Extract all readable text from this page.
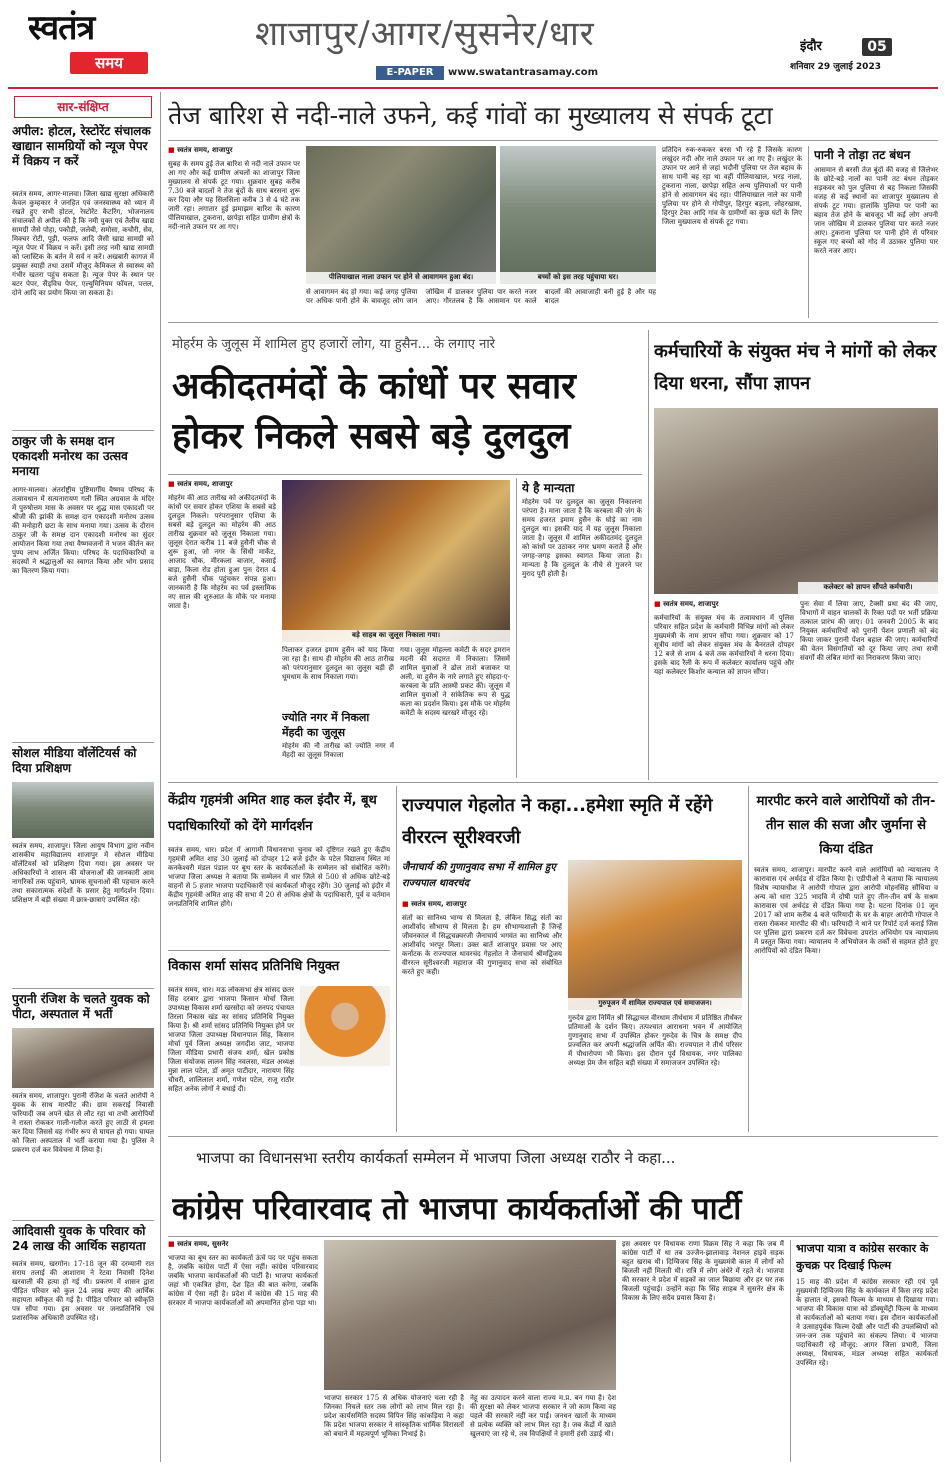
स्वतंत्र
समय
शाजापुर/आगर/सुसनेर/धार	इंदौर	05
शनिवार 29 जुलाई 2023
E-PAPER	www.swatantrasamay.com
सार-संक्षिप्त
अपील: होटल, रेस्टोरेंट संचालक खाद्यान सामग्रियों को न्यूज पेपर में विक्रय न करें
स्वतंत्र समय, आगर-मालवा। जिला खाद्य सुरक्षा अधिकारी केवल कुम्हकार ने जनहित एवं जनस्वास्थ्य को ध्यान में रखते हुए सभी होटल, रेस्टोरेंट कैटरिंग, भोजनालय संचालकों से अपील की है कि नमी युक्त एवं तैलीय खाद्य सामग्री जैसे पोहा, पकौड़ी, जलेबी, समोसा, कचौरी, सेव, मिक्चर रोटी, पूड़ी, फलफ आदि जैसी खाद्य सामग्री को न्यूज पेपर में विक्रय न करें। इसी तरह नमी खाद्य सामग्री को प्लास्टिक के बर्तन में सर्व न करें। अखबारी कागज में प्रयुक्त स्याही तथा उसमें मौजूद केमिकल से स्वास्थ्य को गंभीर खतरा पहुंच सकता है। न्यूज पेपर के स्थान पर बटर पेपर, सैंड्विच पेपर, एल्युमिनियम फॉयल, पत्तल, दोने आदि का प्रयोग किया जा सकता है।
ठाकुर जी के समक्ष दान एकादशी मनोरथ का उत्सव मनाया
आगर-मालवा। अंतर्राष्ट्रीय पुष्टिमार्गीय वैष्णव परिषद के तत्वावधान में सत्यनारायण गली स्थित अग्रवाल के मंदिर में पुरुषोत्तम मास के अवसर पर शुद्ध मास एकादशी पर श्रीजी की झांकी के समक्ष दान एकादशी मनोरथ उत्सव की मनोहारी छटा के साथ मनाया गया। उत्सव के दौरान ठाकुर जी के समक्ष दान एकादशी मनोरथ का सुंदर आयोजन किया गया तथा वैष्णवजनों ने भजन कीर्तन कर पुण्य लाभ अर्जित किया। परिषद के पदाधिकारियों व सदस्यों ने श्रद्धालुओं का स्वागत किया और भोग प्रसाद का वितरण किया गया।
सोशल मीडिया वॉलेंटियर्स को दिया प्रशिक्षण
स्वतंत्र समय, शाजापुर। जिला आयुष विभाग द्वारा नवीन शासकीय महाविद्यालय शाजापुर में सोशल मीडिया वॉलेंटियर्स को प्रशिक्षण दिया गया। इस अवसर पर अधिकारियों ने शासन की योजनाओं की जानकारी आम नागरिकों तक पहुंचाने, भ्रामक सूचनाओं की पहचान करने तथा सकारात्मक संदेशों के प्रसार हेतु मार्गदर्शन दिया। प्रशिक्षण में बड़ी संख्या में छात्र-छात्राएं उपस्थित रहे।
पुरानी रंजिश के चलते युवक को पीटा, अस्पताल में भर्ती
स्वतंत्र समय, शाजापुर। पुरानी रंजिश के चलते आरोपी ने युवक के साथ मारपीट की। ग्राम सकराई निवासी फरियादी जब अपने खेत से लौट रहा था तभी आरोपियों ने रास्ता रोककर गाली-गलौज करते हुए लाठी से हमला कर दिया जिससे वह गंभीर रूप से घायल हो गया। घायल को जिला अस्पताल में भर्ती कराया गया है। पुलिस ने प्रकरण दर्ज कर विवेचना में लिया है।
आदिवासी युवक के परिवार को 24 लाख की आर्थिक सहायता
स्वतंत्र समय, खरगोन। 17-18 जून की दरम्यानी रात सराय तलाई की आशाराम ने रेटवा निवासी दिनेश खरवाली की हत्या हो गई थी। प्रकरण में शासन द्वारा पीड़ित परिवार को कुल 24 लाख रुपए की आर्थिक सहायता स्वीकृत की गई है। पीड़ित परिवार को स्वीकृति पत्र सौंपा गया। इस अवसर पर जनप्रतिनिधि एवं प्रशासनिक अधिकारी उपस्थित रहे।
तेज बारिश से नदी-नाले उफने, कई गांवों का मुख्यालय से संपर्क टूटा
■ स्वतंत्र समय, शाजापुर
सुबह के समय हुई तेज बारिश से नदी नाले उफान पर आ गए और कई ग्रामीण अंचलों का शाजापुर जिला मुख्यालय से संपर्क टूट गया। शुक्रवार सुबह करीब 7.30 बजे बादलों ने तेज बूंदों के साथ बरसना शुरू कर दिया और यह सिलसिला करीब 3 से 4 घंटे तक जारी रहा। लगातार हुई झमाझम बारिश के कारण पीलियाखाल, टुकराना, छापेड़ा सहित ग्रामीण क्षेत्रों के नदी-नाले उफान पर आ गए।
पीलियाखाल नाला उफान पर होने से आवागमन हुआ बंद।	बच्चों को इस तरह पहुंचाया घर।
से आवागमन बंद हो गया। कई जगह पुलिया पर अधिक पानी होने के बावजूद लोग जान जोखिम में डालकर पुलिया पार करते नजर आए। गौरतलब है कि आसमान पर काले बादलों की आवाजाही बनी हुई है और यह बादल
प्रतिदिन रुक-रुककर बरस भी रहे हैं जिसके कारण लखुंदर नदी और नाले उफान पर आ गए हैं। लखुंदर के उफान पर आने से जहां भदौनी पुलिया पर तेज बहाव के साथ पानी बह रहा था वहीं पीलियाखाल, भरड़ नाला, टुकराना नाला, छापेड़ा सहित अन्य पुलियाओं पर पानी होने से आवागमन बंद रहा। पीलियाखाल नाले का पानी पुलिया पर होने से गोपीपुर, हिरपुर बड़ला, लोहरखास, हिरपुर टेका आदि गांव के ग्रामीणों का कुछ घंटों के लिए जिला मुख्यालय से संपर्क टूट गया।
पानी ने तोड़ा तट बंधन
आसमान से बरसी तेज बूंदों की वजह से जिलेभर के छोटे-बड़े नालों का पानी तट बंधन तोड़कर सड़कवर को पुल पुलिया से बह निकला जिसकी वजह से कई स्थानों का शाजापुर मुख्यालय से संपर्क टूट गया। हालांकि पुलिया पर पानी का बहाव तेज होने के बावजूद भी कई लोग अपनी जान जोखिम में डालकर पुलिया पार करते नजर आए। टुकराना पुलिया पर पानी होने से परिवार स्कूल गए बच्चों को गोद में उठाकर पुलिया पार करते नजर आए।
मोहर्रम के जुलूस में शामिल हुए हजारों लोग, या हुसैन... के लगाए नारे
अकीदतमंदों के कांधों पर सवार होकर निकले सबसे बड़े दुलदुल
■ स्वतंत्र समय, शाजापुर
मोहर्रम की आठ तारीख को अकीदतमंदों के कांधों पर सवार होकर एशिया के सबसे बड़े दुलदुल निकले। परंपरानुसार एशिया के सबसे बड़े दुलदुल का मोहर्रम की आठ तारीख शुक्रवार को जुलूस निकाला गया। जुलूस देरात करीब 11 बजे हुसैनी चौक से शुरू हुआ, जो नगर के सिंधी मार्केट, आजाद चौक, मीरकला बाजार, कसाई बाड़ा, किला रोड होता हुआ पुनः देरात 4 बजे हुसैनी चौक पहुंचकर संपन्न हुआ। जानकारी है कि मोहर्रम का पर्व इस्लामिक नए साल की शुरुआत के मौके पर मनाया जाता है।
बड़े साहब का जुलूस निकाला गया।
पिलाकर हजरत इमाम हुसैन को याद किया जा रहा है। साथ ही मोहर्रम की आठ तारीख को परंपरानुसार दुलदुल का जुलूस बड़ी ही धूमधाम के साथ निकाला गया।
ज्योति नगर में निकला मेंहदी का जुलूस
मोहर्रम की नौ तारीख को ज्योति नगर में मेंहदी का जुलूस निकाला
गया। जुलूस मोहल्ला कमेटी के सदर इमरान मदनी की सदारत में निकाला। जिसमें शामिल युवाओं ने ढोल ताशे बजाकर या अली, या हुसैन के नारे लगाते हुए सोहदा-ए-करबला के प्रति आस्थी प्रकट की। जुलूस में शामिल युवाओं ने सांकेतिक रूप से युद्ध कला का प्रदर्शन किया। इस मौके पर मोहर्रम कमेटी के सदस्य खरखरे मौजूद रहे।
ये है मान्यता
मोहर्रम पर्व पर दुलदुल का जुलूस निकालना परंपरा है। माना जाता है कि करबला की जंग के समय हजरत इमाम हुसैन के घोड़े का नाम दुलदुल था। इसकी याद में यह जुलूस निकाला जाता है। जुलूस में शामिल अकीदतमंद दुलदुल को कांधों पर उठाकर नगर भ्रमण कराते हैं और जगह-जगह इसका स्वागत किया जाता है। मान्यता है कि दुलदुल के नीचे से गुजरने पर मुराद पूरी होती है।
कर्मचारियों के संयुक्त मंच ने मांगों को लेकर दिया धरना, सौंपा ज्ञापन
कलेक्टर को ज्ञापन सौंपते कर्मचारी।
■ स्वतंत्र समय, शाजापुर
कर्मचारियों के संयुक्त मंच के तत्वावधान में पुलिस परिवार सहित प्रदेश के कर्मचारी विभिन्न मांगों को लेकर मुख्यमंत्री के नाम ज्ञापन सौंपा गया। शुक्रवार को 17 सूत्रीय मांगों को लेकर संयुक्त मंच के बैनरतले दोपहर 12 बजे से शाम 4 बजे तक कर्मचारियों ने धरना दिया। इसके बाद रैली के रूप में कलेक्टर कार्यालय पहुंचे और यहां कलेक्टर किशोर कन्याल को ज्ञापन सौंपा।
पुनः सेवा में लिया जाए, टैक्सी प्रथा बंद की जाए, विभागों में वाहन चालकों के रिक्त पदों पर भर्ती प्रक्रिया तत्काल प्रारंभ की जाए। 01 जनवरी 2005 के बाद नियुक्त कर्मचारियों को पुरानी पेंशन प्रणाली को बंद किया जाकर पुरानी पेंशन बहाल की जाए। कर्मचारियों की वेतन विसंगतियों को दूर किया जाए तथा सभी संवर्गों की लंबित मांगों का निराकरण किया जाए।
केंद्रीय गृहमंत्री अमित शाह कल इंदौर में, बूथ पदाधिकारियों को देंगे मार्गदर्शन
स्वतंत्र समय, धार। प्रदेश में आगामी विधानसभा चुनाव को दृष्टिगत रखते हुए केंद्रीय गृहमंत्री अमित शाह 30 जुलाई को दोपहर 12 बजे इंदौर के पटेल विद्यालय स्थित मां कनकेश्वरी मंडल पंडाल पर बूथ स्तर के कार्यकर्ताओं के सम्मेलन को संबोधित करेंगे। भाजपा जिला अध्यक्ष ने बताया कि सम्मेलन में धार जिले से 500 से अधिक छोटे-बड़े वाहनों से 5 हजार भाजपा पदाधिकारी एवं कार्यकर्ता मौजूद रहेंगे। 30 जुलाई को इंदौर में केंद्रीय गृहमंत्री अमित शाह की सभा में 20 से अधिक क्षेत्रों के पदाधिकारी, पूर्व व वर्तमान जनप्रतिनिधि शामिल होंगे।
विकास शर्मा सांसद प्रतिनिधि नियुक्त
स्वतंत्र समय, धार। मऊ लोकसभा क्षेत्र सांसद छतर सिंह दरबार द्वारा भाजपा किसान मोर्चा जिला उपाध्यक्ष विकास शर्मा खरसोदा को जनपद पंचायत तिरला निकास खंड का सांसद प्रतिनिधि नियुक्त किया है। श्री शर्मा सांसद प्रतिनिधि नियुक्त होने पर भाजपा जिला उपाध्यक्ष विधानपाल सिंह, किसान मोर्चा पूर्व जिला अध्यक्ष जगदीश जाट, भाजपा जिला मीडिया प्रभारी संजय शर्मा, खेल प्रकोष्ठ जिला संयोजक लालन सिंह नवलसा, मंडल अध्यक्ष मुन्ना लाल पटेल, डॉ अमृत पाटीदार, नारायण सिंह चौधरी, शालिलाल शर्मा, गणेश पटेल, राजू राठौर सहित अनेक लोगों ने बधाई दी।
राज्यपाल गेहलोत ने कहा...हमेशा स्मृति में रहेंगे वीररत्न सूरीश्वरजी
जैनाचार्य की गुणानुवाद सभा में शामिल हुए राज्यपाल थावरचंद
■ स्वतंत्र समय, शाजापुर
संतों का सानिध्य भाग्य से मिलता है, लेकिन सिद्ध संतों का आशीर्वाद सौभाग्य से मिलता है। हम सौभाग्यशाली हैं जिन्हें जीवनकाल में सिद्धचक्र्वरजी जैनाचार्य भगवंत का सानिध्य और आशीर्वाद भरपूर मिला। उक्त बातें शाजापुर प्रवास पर आए कर्नाटक के राज्यपाल थावरचंद गेहलोत ने जैनाचार्य श्रीमद्विजय वीररत्न सूरीश्वरजी महाराज की गुणानुवाद सभा को संबोधित करते हुए कही।
गुरुपूजन में शामिल राज्यपाल एवं समाजजन।
गुरुदेव द्वारा निर्मित श्री सिद्धाचल वीरधाम तीर्थधाम में प्रतिष्ठित तीर्थंकर प्रतिमाओं के दर्शन किए। तत्पश्चात आराधना भवन में आयोजित गुणानुवाद सभा में उपस्थित होकर गुरुदेव के चित्र के समक्ष दीप प्रज्वलित कर अपनी श्रद्धांजलि अर्पित की। राज्यपाल ने तीर्थ परिसर में पौधारोपण भी किया। इस दौरान पूर्व विधायक, नगर पालिका अध्यक्ष प्रेम जैन सहित बड़ी संख्या में समाजजन उपस्थित रहे।
मारपीट करने वाले आरोपियों को तीन-तीन साल की सजा और जुर्माना से किया दंडित
स्वतंत्र समय, शाजापुर। मारपीट करने वाले आरोपियों को न्यायालय ने कारावास एवं अर्थदंड से दंडित किया है। एडीपीओ ने बताया कि न्यायालय विशेष न्यायाधीश ने आरोपी गोपाल द्वारा आरोपी मोहनसिंह सौंधिया व अन्य को धारा 325 भादवि में दोषी पाते हुए तीन-तीन वर्ष के सश्रम कारावास एवं अर्थदंड से दंडित किया गया है। घटना दिनांक 01 जून 2017 को शाम करीब 4 बजे फरियादी के घर के बाहर आरोपी गोपाल ने रास्ता रोककर मारपीट की थी। फरियादी ने थाने पर रिपोर्ट दर्ज कराई जिस पर पुलिस द्वारा प्रकरण दर्ज कर विवेचना उपरांत अभियोग पत्र न्यायालय में प्रस्तुत किया गया। न्यायालय ने अभियोजन के तर्कों से सहमत होते हुए आरोपियों को दंडित किया।
भाजपा का विधानसभा स्तरीय कार्यकर्ता सम्मेलन में भाजपा जिला अध्यक्ष राठौर ने कहा...
कांग्रेस परिवारवाद तो भाजपा कार्यकर्ताओं की पार्टी
■ स्वतंत्र समय, सुसनेर
भाजपा का बूथ स्तर का कार्यकर्ता ऊंचे पद पर पहुंच सकता है, जबकि कांग्रेस पार्टी में ऐसा नहीं। कांग्रेस परिवारवाद जबकि भाजपा कार्यकर्ताओं की पार्टी है। भाजपा कार्यकर्ता जहां भी एकत्रित होगा, देश हित की बात करेगा, जबकि कांग्रेस में ऐसा नहीं है। प्रदेश में कांग्रेस की 15 माह की सरकार में भाजपा कार्यकर्ताओं को अपमानित होना पड़ा था।
भाजपा सरकार 175 से अधिक योजनाएं चला रही है जिनका निचले स्तर तक लोगों को लाभ मिल रहा है। प्रदेश कार्यसमिति सदस्य विपिन सिंह कांकड़िया ने कहा कि प्रदेश भाजपा सरकार ने सांस्कृतिक धार्मिक विरासतों को बचाने में महत्वपूर्ण भूमिका निभाई है।
नेहू का उत्पादन करने वाला राज्य म.प्र. बन गया है। देश की सुरक्षा को लेकर भाजपा सरकार ने जो काम किया वह पहले की सरकारें नहीं कर पाईं। जनधन खातों के माध्यम से प्रत्येक व्यक्ति को लाभ मिल रहा है। जब केंद्रों में खाते खुलवाएं जा रहे थे, तब विपक्षियों ने हमारी हंसी उड़ाई थी।
इस अवसर पर विधायक राणा विक्रम सिंह ने कहा कि जब मैं कांग्रेस पार्टी में था तब उज्जैन-झालावाड़ नेशनल हाइवे सड़क बहुत खराब थी। दिग्विजय सिंह के मुख्यमंत्री काल में लोगों को बिजली नहीं मिलती थी। रात्रि में लोग अंधेरे में रहते थे। भाजपा की सरकार ने प्रदेश में सड़कों का जाल बिछाया और हर घर तक बिजली पहुंचाई। उन्होंने कहा कि सिंह साहब ने सुसनेर क्षेत्र के विकास के लिए सदैव प्रयास किया है।
भाजपा यात्रा व कांग्रेस सरकार के कुचक्र पर दिखाई फिल्म
15 माह की प्रदेश में कांग्रेस सरकार रही एवं पूर्व मुख्यमंत्री दिग्विजय सिंह के कार्यकाल में किस तरह प्रदेश के हालात थे, इसको फिल्म के माध्यम से दिखाया गया। भाजपा की विकास यात्रा को डॉक्यूमेंट्री फिल्म के माध्यम से कार्यकर्ताओं को बताया गया। इस दौरान कार्यकर्ताओं ने उत्साहपूर्वक फिल्म देखी और पार्टी की उपलब्धियों को जन-जन तक पहुंचाने का संकल्प लिया। ये भाजपा पदाधिकारी रहे मौजूद: आगर जिला प्रभारी, जिला अध्यक्ष, विधायक, मंडल अध्यक्ष सहित कार्यकर्ता उपस्थित रहे।
